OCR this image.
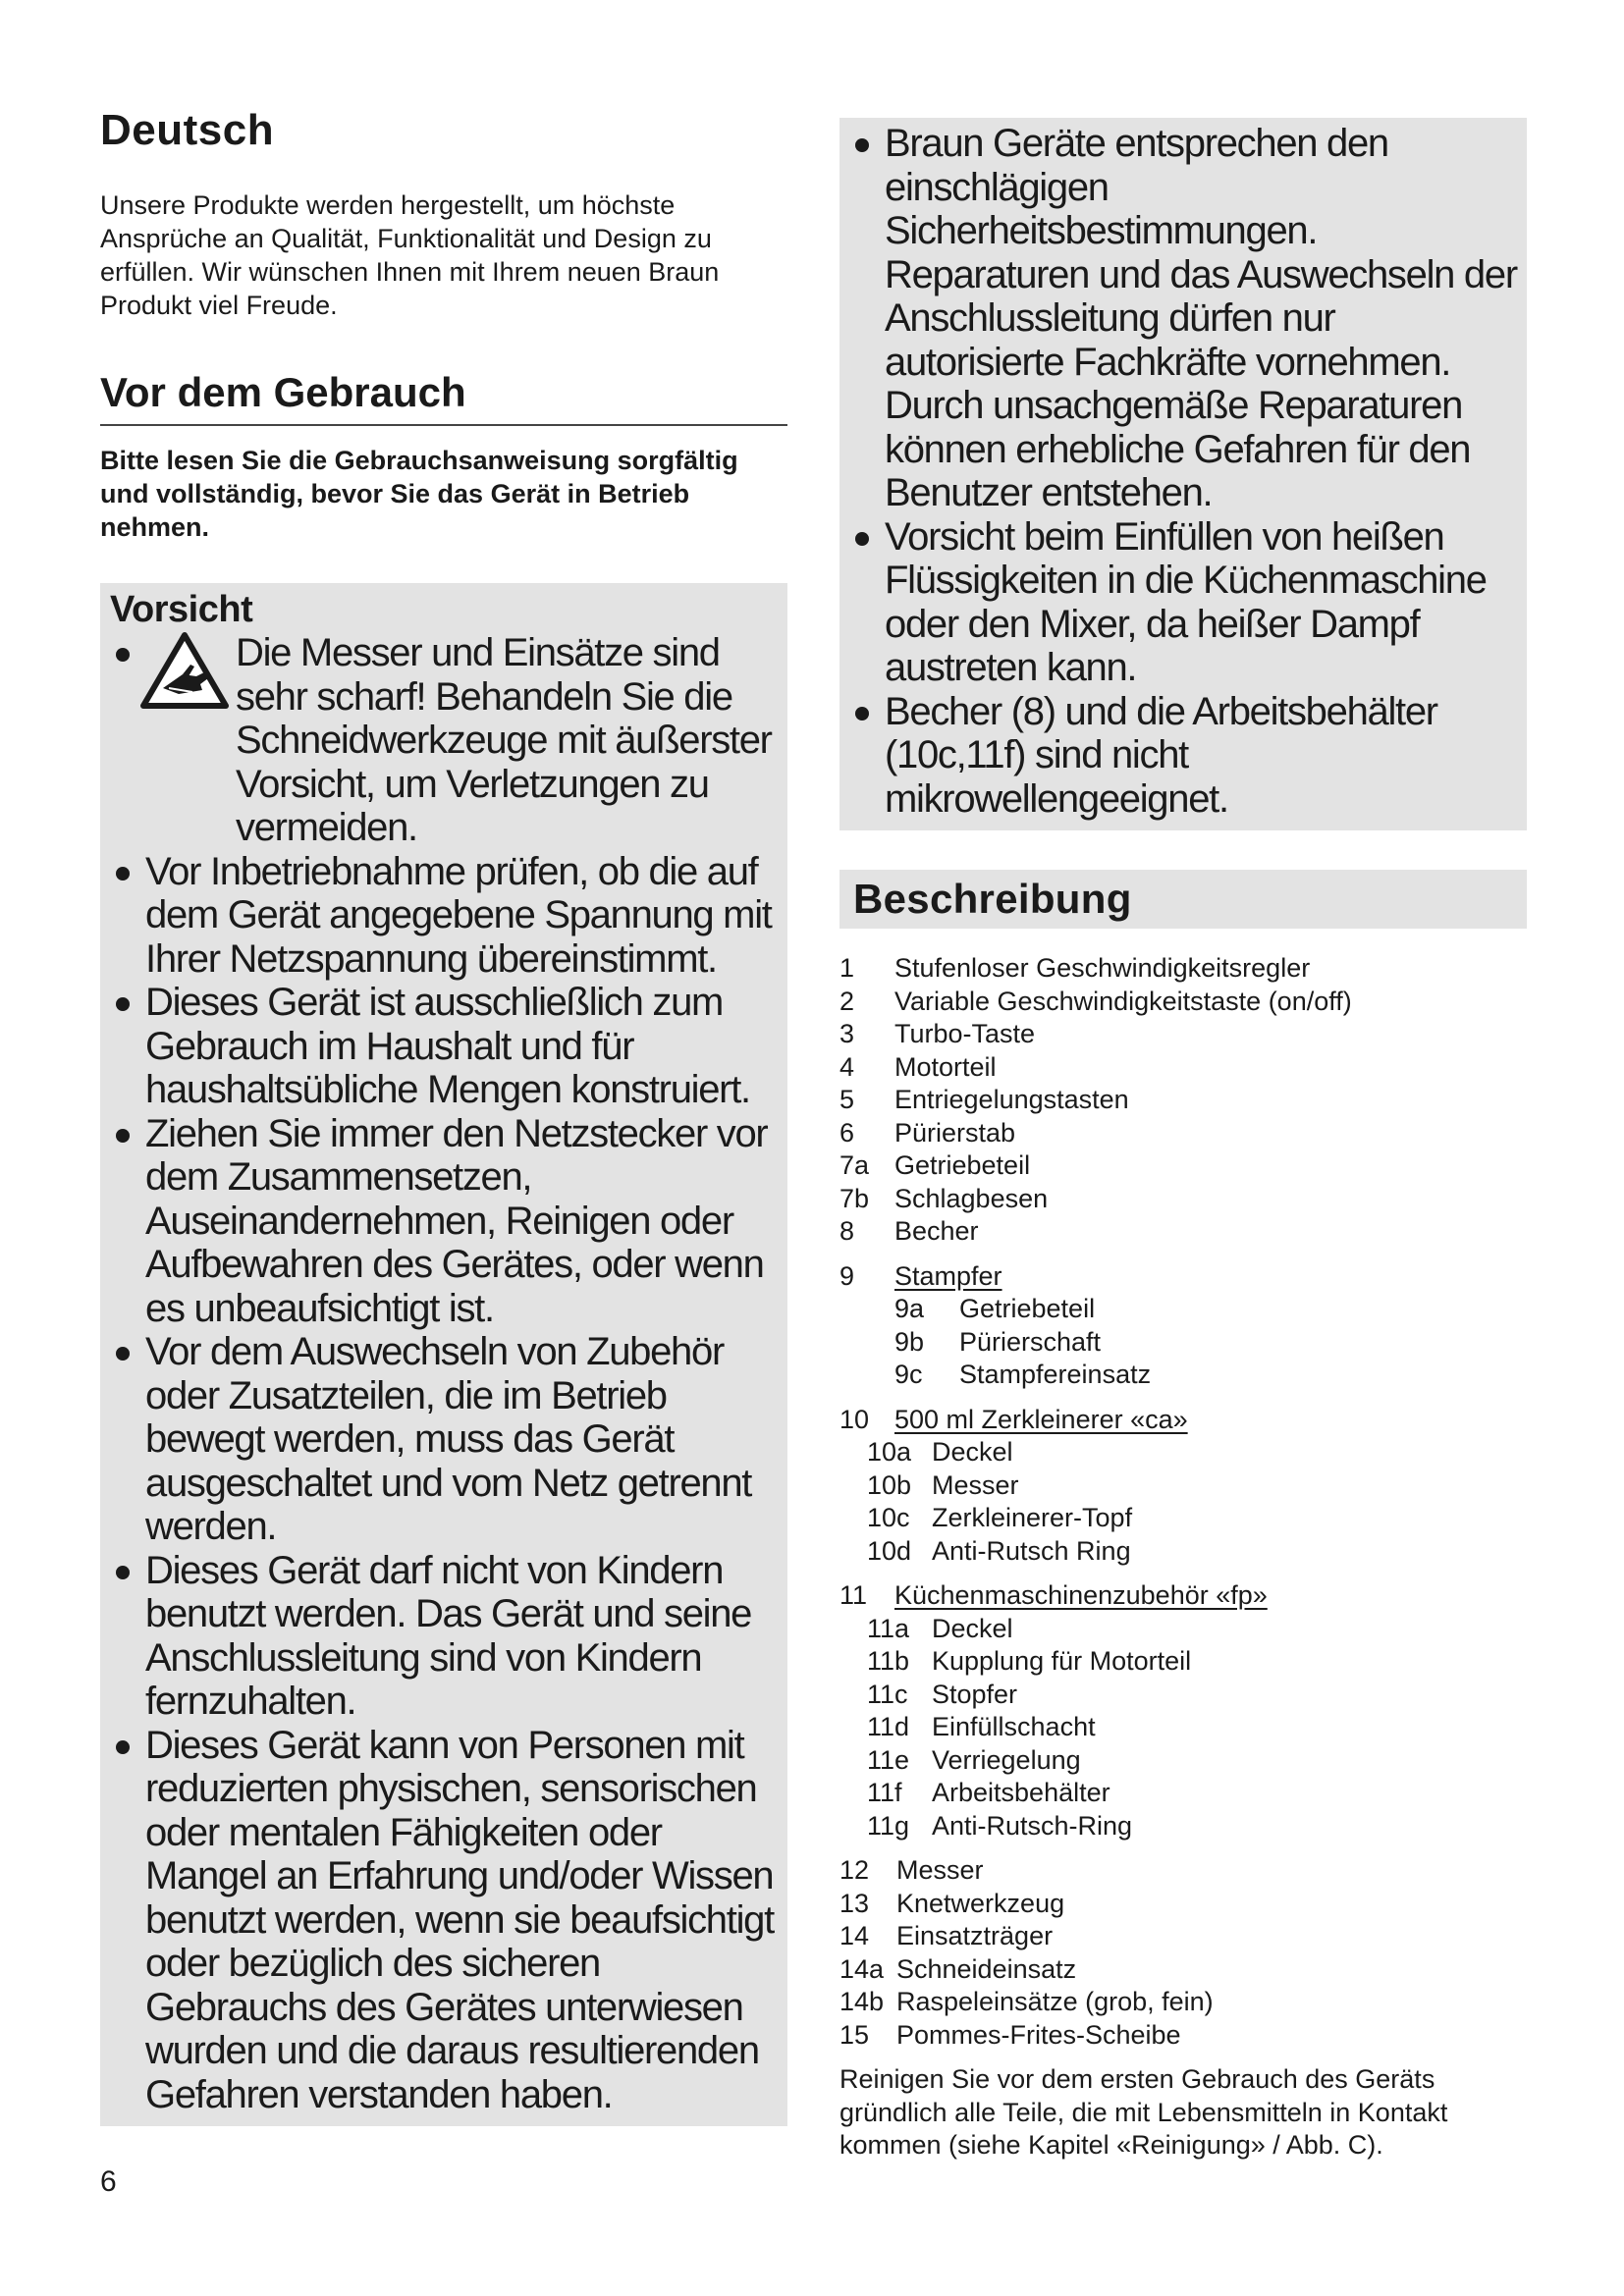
Deutsch

Unsere Produkte werden hergestellt, um höchste Ansprüche an Qualität, Funktionalität und Design zu erfüllen. Wir wünschen Ihnen mit Ihrem neuen Braun Produkt viel Freude.

Vor dem Gebrauch

Bitte lesen Sie die Gebrauchsanweisung sorgfältig und vollständig, bevor Sie das Gerät in Betrieb nehmen.

Vorsicht
Die Messer und Einsätze sind sehr scharf! Behandeln Sie die Schneidwerkzeuge mit äußerster Vorsicht, um Verletzungen zu vermeiden.
Vor Inbetriebnahme prüfen, ob die auf dem Gerät angegebene Spannung mit Ihrer Netzspannung übereinstimmt.
Dieses Gerät ist ausschließlich zum Gebrauch im Haushalt und für haushaltsübliche Mengen konstruiert.
Ziehen Sie immer den Netzstecker vor dem Zusammensetzen, Auseinandernehmen, Reinigen oder Aufbewahren des Gerätes, oder wenn es unbeaufsichtigt ist.
Vor dem Auswechseln von Zubehör oder Zusatzteilen, die im Betrieb bewegt werden, muss das Gerät ausgeschaltet und vom Netz getrennt werden.
Dieses Gerät darf nicht von Kindern benutzt werden. Das Gerät und seine Anschlussleitung sind von Kindern fernzuhalten.
Dieses Gerät kann von Personen mit reduzierten physischen, sensorischen oder mentalen Fähigkeiten oder Mangel an Erfahrung und/oder Wissen benutzt werden, wenn sie beaufsichtigt oder bezüglich des sicheren Gebrauchs des Gerätes unterwiesen wurden und die daraus resultierenden Gefahren verstanden haben.
Braun Geräte entsprechen den einschlägigen Sicherheitsbestimmungen. Reparaturen und das Auswechseln der Anschlussleitung dürfen nur autorisierte Fachkräfte vornehmen. Durch unsachgemäße Reparaturen können erhebliche Gefahren für den Benutzer entstehen.
Vorsicht beim Einfüllen von heißen Flüssigkeiten in die Küchenmaschine oder den Mixer, da heißer Dampf austreten kann.
Becher (8) und die Arbeitsbehälter (10c,11f) sind nicht mikrowellengeeignet.
Beschreibung
1	Stufenloser Geschwindigkeitsregler
2	Variable Geschwindigkeitstaste (on/off)
3	Turbo-Taste
4	Motorteil
5	Entriegelungstasten
6	Pürierstab
7a Getriebeteil
7b Schlagbesen
8	Becher
9	Stampfer
9a	Getriebeteil
9b	Pürierschaft
9c	Stampfereinsatz
10 500 ml Zerkleinerer «ca»
10a Deckel
10b Messer
10c Zerkleinerer-Topf
10d Anti-Rutsch Ring
11	Küchenmaschinenzubehör «fp»
11a Deckel
11b Kupplung für Motorteil
11c Stopfer
11d Einfüllschacht
11e Verriegelung
11f	Arbeitsbehälter
11g Anti-Rutsch-Ring
12	Messer
13	Knetwerkzeug
14	Einsatzträger
14a Schneideinsatz
14b Raspeleinsätze (grob, fein)
15	Pommes-Frites-Scheibe

Reinigen Sie vor dem ersten Gebrauch des Geräts gründlich alle Teile, die mit Lebensmitteln in Kontakt kommen (siehe Kapitel «Reinigung» / Abb. C).

6
